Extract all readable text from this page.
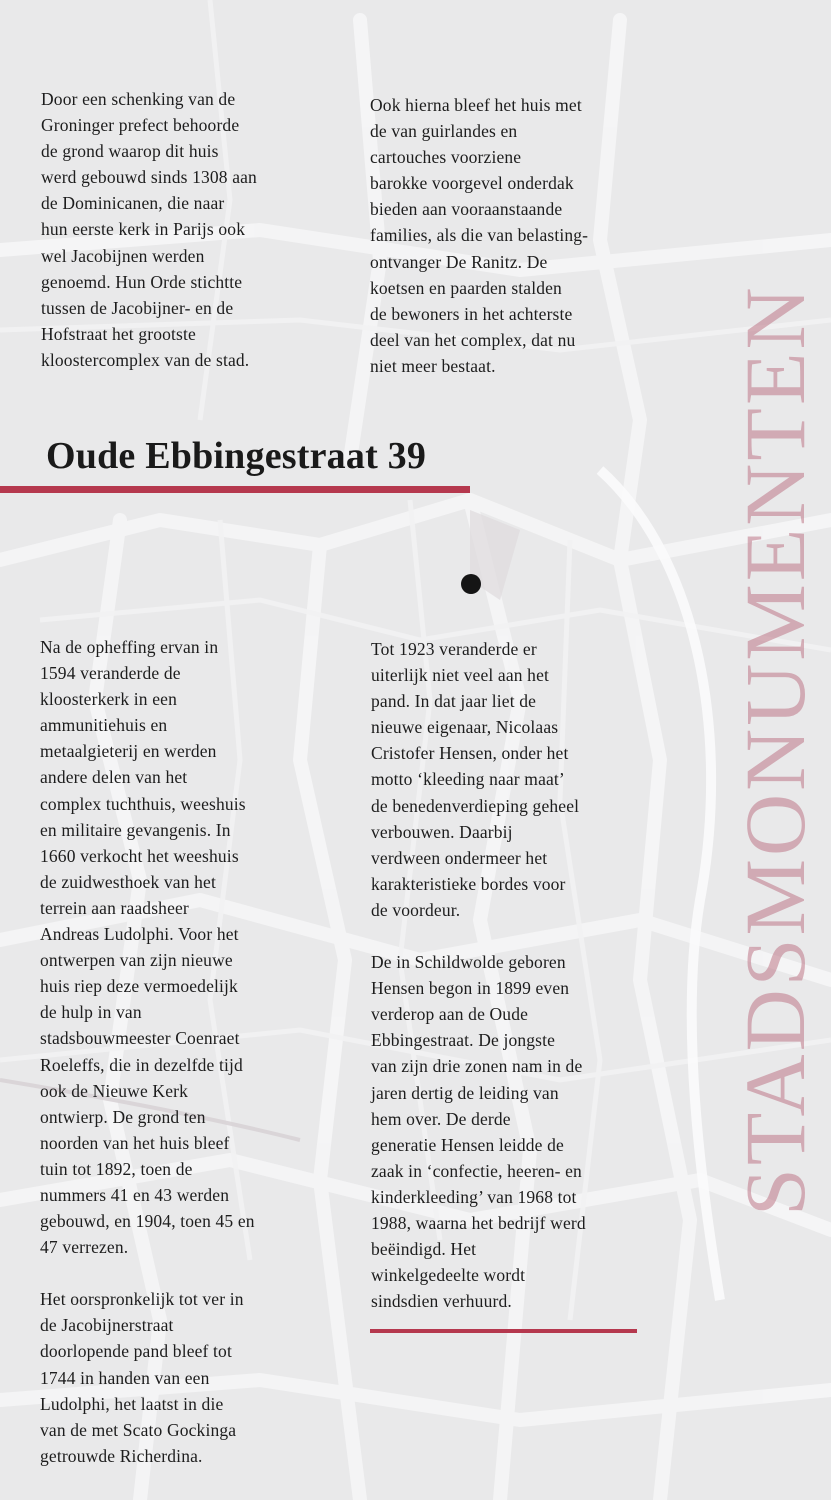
STADSMONUMENTEN

Door een schenking van de
Groninger prefect behoorde
de grond waarop dit huis
werd gebouwd sinds 1308 aan
de Dominicanen, die naar
hun eerste kerk in Parijs ook
wel Jacobijnen werden
genoemd. Hun Orde stichtte
tussen de Jacobijner- en de
Hofstraat het grootste
kloostercomplex van de stad.

Ook hierna bleef het huis met
de van guirlandes en
cartouches voorziene
barokke voorgevel onderdak
bieden aan vooraanstaande
families, als die van belasting-
ontvanger De Ranitz. De
koetsen en paarden stalden
de bewoners in het achterste
deel van het complex, dat nu
niet meer bestaat.

Oude Ebbingestraat 39

Na de opheffing ervan in
1594 veranderde de
kloosterkerk in een
ammunitiehuis en
metaalgieterij en werden
andere delen van het
complex tuchthuis, weeshuis
en militaire gevangenis. In
1660 verkocht het weeshuis
de zuidwesthoek van het
terrein aan raadsheer
Andreas Ludolphi. Voor het
ontwerpen van zijn nieuwe
huis riep deze vermoedelijk
de hulp in van
stadsbouwmeester Coenraet
Roeleffs, die in dezelfde tijd
ook de Nieuwe Kerk
ontwierp. De grond ten
noorden van het huis bleef
tuin tot 1892, toen de
nummers 41 en 43 werden
gebouwd, en 1904, toen 45 en
47 verrezen.

Het oorspronkelijk tot ver in
de Jacobijnerstraat
doorlopende pand bleef tot
1744 in handen van een
Ludolphi, het laatst in die
van de met Scato Gockinga
getrouwde Richerdina.

Tot 1923 veranderde er
uiterlijk niet veel aan het
pand. In dat jaar liet de
nieuwe eigenaar, Nicolaas
Cristofer Hensen, onder het
motto ‘kleeding naar maat’
de benedenverdieping geheel
verbouwen. Daarbij
verdween ondermeer het
karakteristieke bordes voor
de voordeur.

De in Schildwolde geboren
Hensen begon in 1899 even
verderop aan de Oude
Ebbingestraat. De jongste
van zijn drie zonen nam in de
jaren dertig de leiding van
hem over. De derde
generatie Hensen leidde de
zaak in ‘confectie, heeren- en
kinderkleeding’ van 1968 tot
1988, waarna het bedrijf werd
beëindigd. Het
winkelgedeelte wordt
sindsdien verhuurd.
